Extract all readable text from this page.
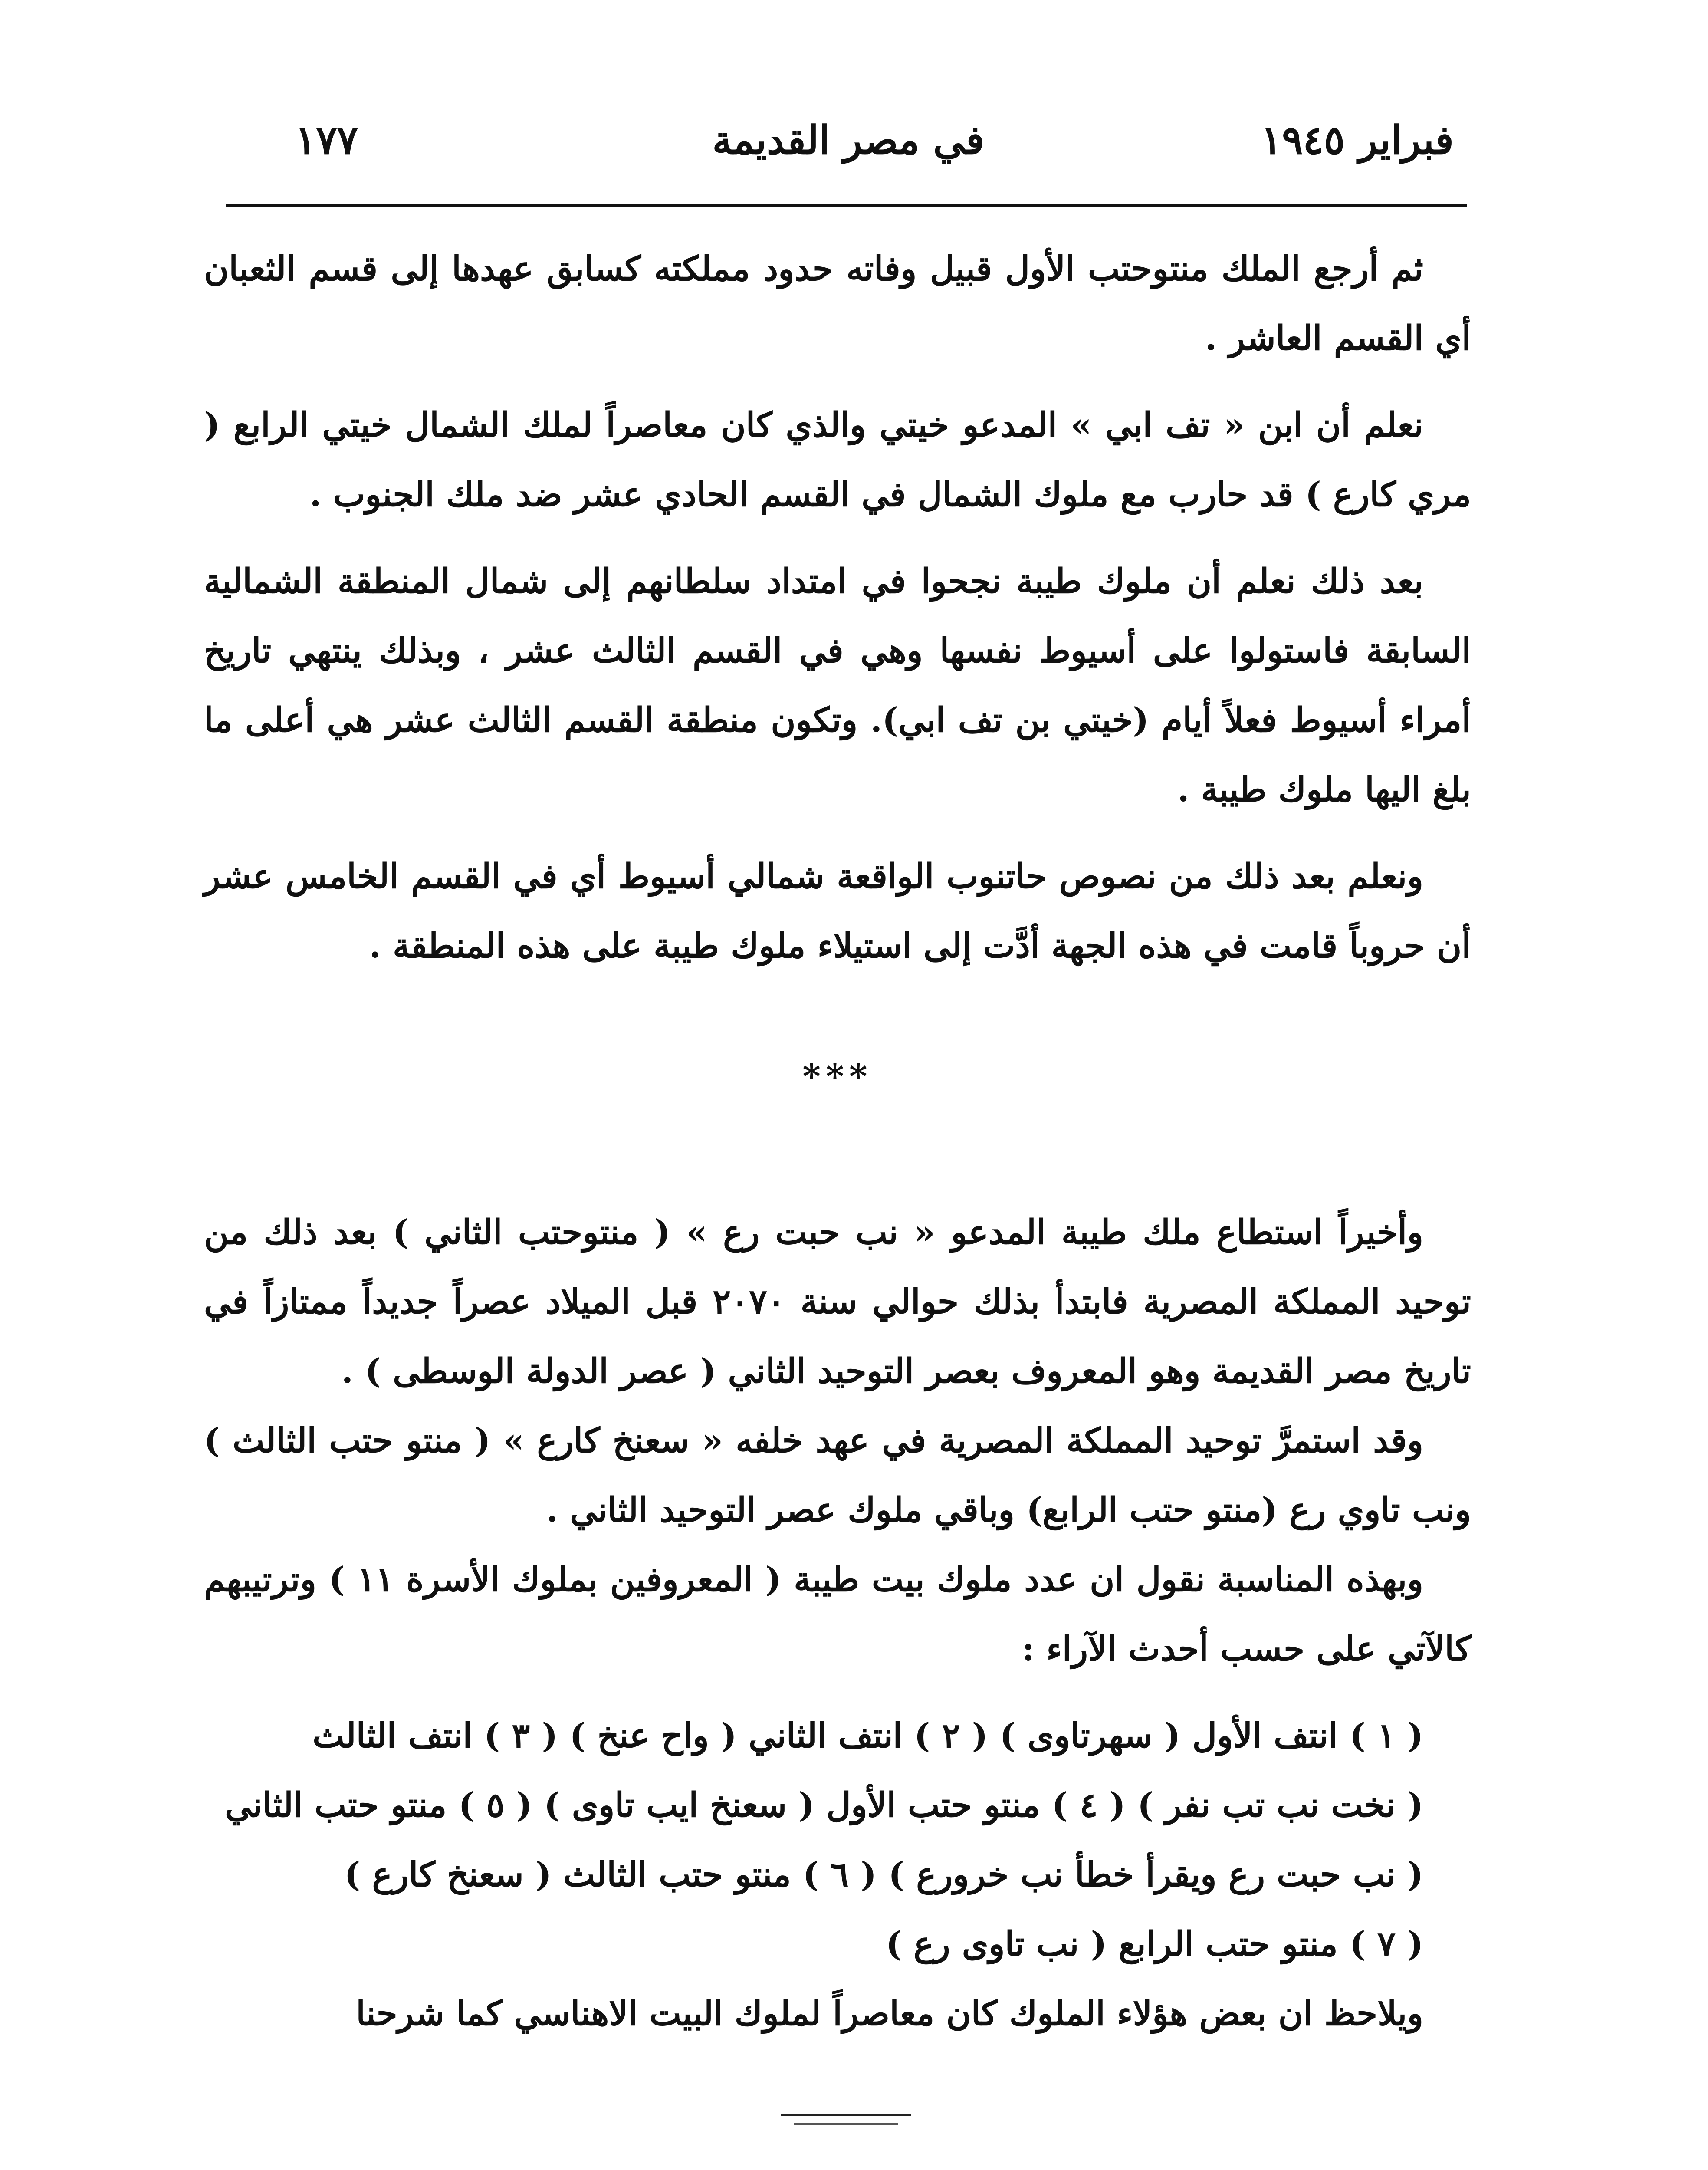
فبراير ١٩٤٥
في مصر القديمة
١٧٧

ثم أرجع الملك منتوحتب الأول قبيل وفاته حدود مملكته كسابق عهدها إلى قسم الثعبان أي القسم العاشر .

نعلم أن ابن « تف ابي » المدعو خيتي والذي كان معاصراً لملك الشمال خيتي الرابع ( مري كارع ) قد حارب مع ملوك الشمال في القسم الحادي عشر ضد ملك الجنوب .

بعد ذلك نعلم أن ملوك طيبة نجحوا في امتداد سلطانهم إلى شمال المنطقة الشمالية السابقة فاستولوا على أسيوط نفسها وهي في القسم الثالث عشر ، وبذلك ينتهي تاريخ أمراء أسيوط فعلاً أيام (خيتي بن تف ابي). وتكون منطقة القسم الثالث عشر هي أعلى ما بلغ اليها ملوك طيبة .

ونعلم بعد ذلك من نصوص حاتنوب الواقعة شمالي أسيوط أي في القسم الخامس عشر أن حروباً قامت في هذه الجهة أدَّت إلى استيلاء ملوك طيبة على هذه المنطقة .

***

وأخيراً استطاع ملك طيبة المدعو « نب حبت رع » ( منتوحتب الثاني ) بعد ذلك من توحيد المملكة المصرية فابتدأ بذلك حوالي سنة ٢٠٧٠ قبل الميلاد عصراً جديداً ممتازاً في تاريخ مصر القديمة وهو المعروف بعصر التوحيد الثاني ( عصر الدولة الوسطى ) .

وقد استمرَّ توحيد المملكة المصرية في عهد خلفه « سعنخ كارع » ( منتو حتب الثالث ) ونب تاوي رع (منتو حتب الرابع) وباقي ملوك عصر التوحيد الثاني .

وبهذه المناسبة نقول ان عدد ملوك بيت طيبة ( المعروفين بملوك الأسرة ١١ ) وترتيبهم كالآتي على حسب أحدث الآراء :

( ١ ) انتف الأول ( سهرتاوى ) ( ٢ ) انتف الثاني ( واح عنخ ) ( ٣ ) انتف الثالث

( نخت نب تب نفر ) ( ٤ ) منتو حتب الأول ( سعنخ ايب تاوى ) ( ٥ ) منتو حتب الثاني

( نب حبت رع ويقرأ خطأ نب خرورع ) ( ٦ ) منتو حتب الثالث ( سعنخ كارع )

( ٧ ) منتو حتب الرابع ( نب تاوى رع )

ويلاحظ ان بعض هؤلاء الملوك كان معاصراً لملوك البيت الاهناسي كما شرحنا
